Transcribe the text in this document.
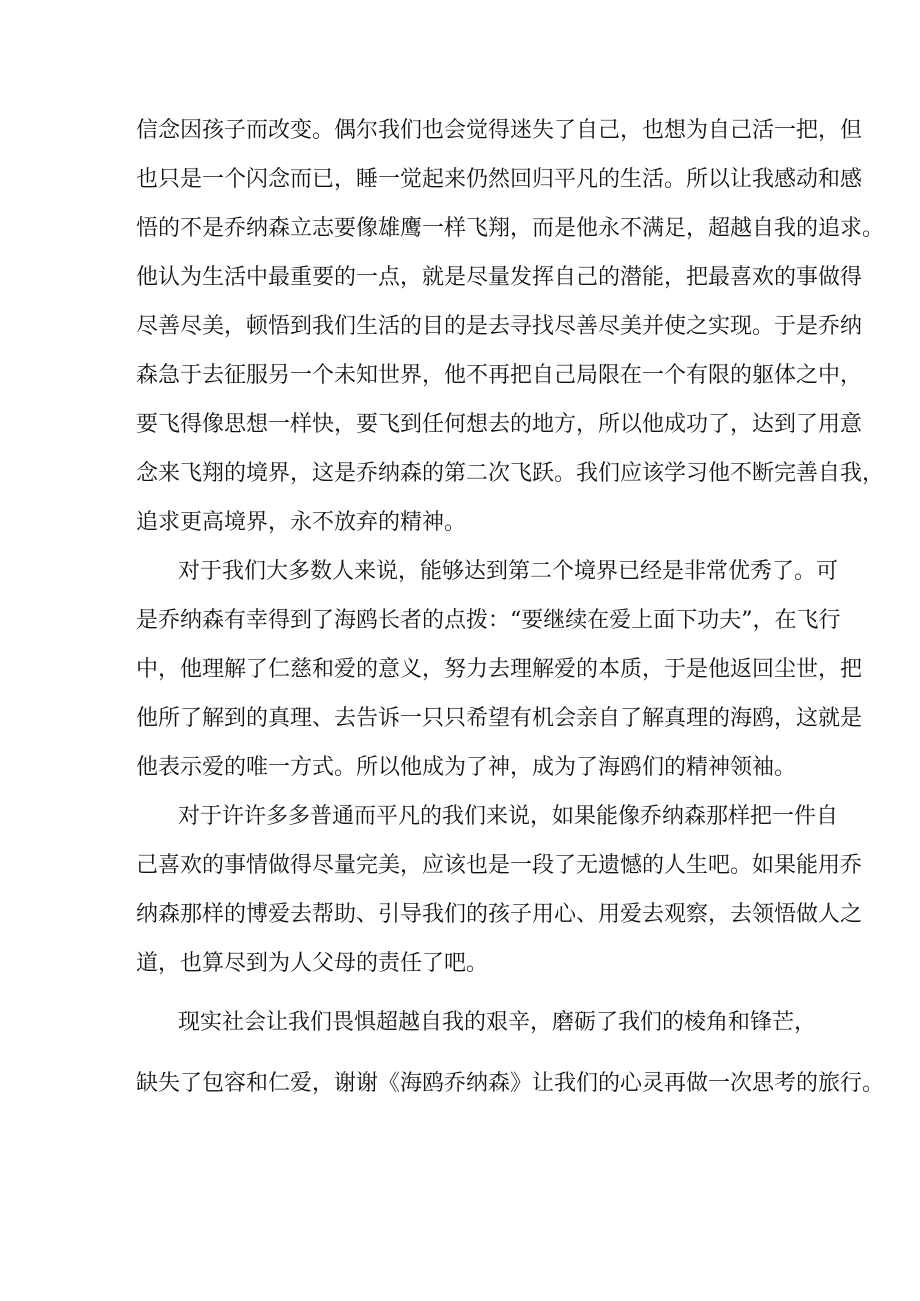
信念因孩子而改变。偶尔我们也会觉得迷失了自己，也想为自己活一把，但
也只是一个闪念而已，睡一觉起来仍然回归平凡的生活。所以让我感动和感
悟的不是乔纳森立志要像雄鹰一样飞翔，而是他永不满足，超越自我的追求。
他认为生活中最重要的一点，就是尽量发挥自己的潜能，把最喜欢的事做得
尽善尽美，顿悟到我们生活的目的是去寻找尽善尽美并使之实现。于是乔纳
森急于去征服另一个未知世界，他不再把自己局限在一个有限的躯体之中，
要飞得像思想一样快，要飞到任何想去的地方，所以他成功了，达到了用意
念来飞翔的境界，这是乔纳森的第二次飞跃。我们应该学习他不断完善自我，
追求更高境界，永不放弃的精神。
对于我们大多数人来说，能够达到第二个境界已经是非常优秀了。可
是乔纳森有幸得到了海鸥长者的点拨：“要继续在爱上面下功夫”，在飞行
中，他理解了仁慈和爱的意义，努力去理解爱的本质，于是他返回尘世，把
他所了解到的真理、去告诉一只只希望有机会亲自了解真理的海鸥，这就是
他表示爱的唯一方式。所以他成为了神，成为了海鸥们的精神领袖。
对于许许多多普通而平凡的我们来说，如果能像乔纳森那样把一件自
己喜欢的事情做得尽量完美，应该也是一段了无遗憾的人生吧。如果能用乔
纳森那样的博爱去帮助、引导我们的孩子用心、用爱去观察，去领悟做人之
道，也算尽到为人父母的责任了吧。
现实社会让我们畏惧超越自我的艰辛，磨砺了我们的棱角和锋芒，
缺失了包容和仁爱，谢谢《海鸥乔纳森》让我们的心灵再做一次思考的旅行。
